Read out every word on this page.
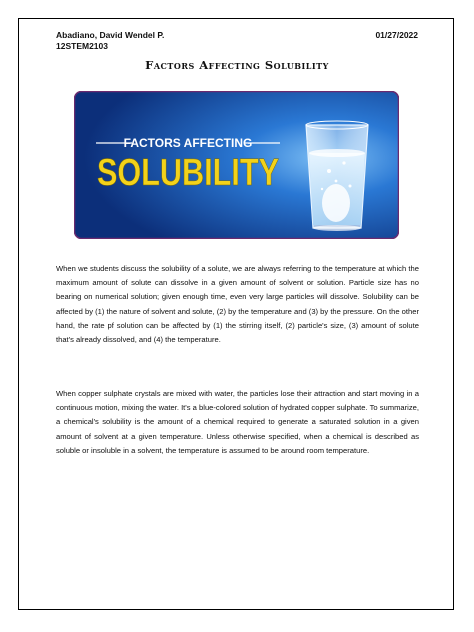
Abadiano, David Wendel P.
12STEM2103
01/27/2022
Factors Affecting Solubility
FACTORS AFFECTING
SOLUBILITY
When we students discuss the solubility of a solute, we are always referring to the temperature at which the maximum amount of solute can dissolve in a given amount of solvent or solution. Particle size has no bearing on numerical solution; given enough time, even very large particles will dissolve. Solubility can be affected by (1) the nature of solvent and solute, (2) by the temperature and (3) by the pressure. On the other hand, the rate pf solution can be affected by (1) the stirring itself, (2) particle's size, (3) amount of solute that's already dissolved, and (4) the temperature.
When copper sulphate crystals are mixed with water, the particles lose their attraction and start moving in a continuous motion, mixing the water. It's a blue-colored solution of hydrated copper sulphate. To summarize, a chemical's solubility is the amount of a chemical required to generate a saturated solution in a given amount of solvent at a given temperature. Unless otherwise specified, when a chemical is described as soluble or insoluble in a solvent, the temperature is assumed to be around room temperature.
